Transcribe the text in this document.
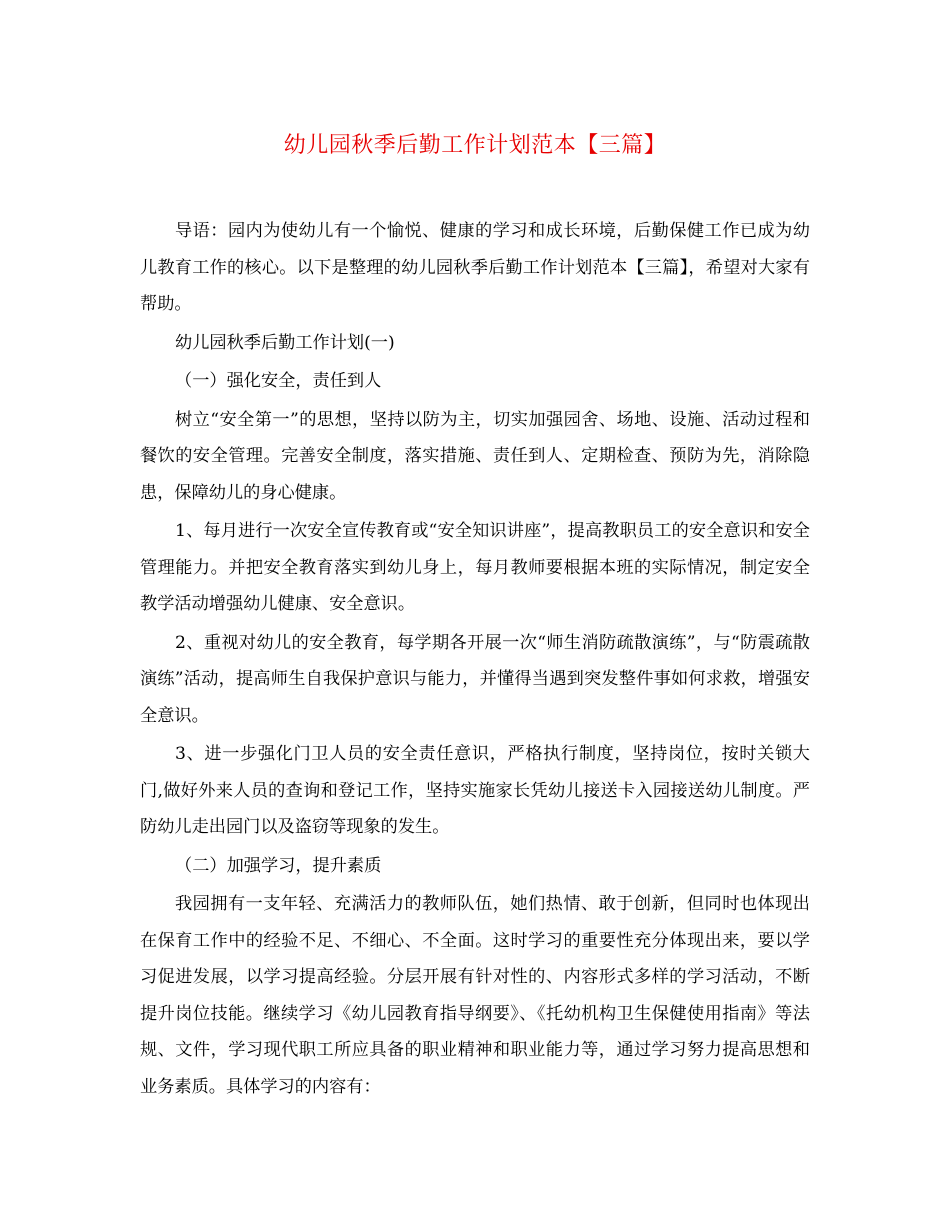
幼儿园秋季后勤工作计划范本【三篇】

导语：园内为使幼儿有一个愉悦、健康的学习和成长环境，后勤保健工作已成为幼儿教育工作的核心。以下是整理的幼儿园秋季后勤工作计划范本【三篇】，希望对大家有帮助。

幼儿园秋季后勤工作计划(一)

（一）强化安全，责任到人

树立“安全第一”的思想，坚持以防为主，切实加强园舍、场地、设施、活动过程和餐饮的安全管理。完善安全制度，落实措施、责任到人、定期检查、预防为先，消除隐患，保障幼儿的身心健康。

1、每月进行一次安全宣传教育或“安全知识讲座”，提高教职员工的安全意识和安全管理能力。并把安全教育落实到幼儿身上，每月教师要根据本班的实际情况，制定安全教学活动增强幼儿健康、安全意识。

2、重视对幼儿的安全教育，每学期各开展一次“师生消防疏散演练”，与“防震疏散演练”活动，提高师生自我保护意识与能力，并懂得当遇到突发整件事如何求救，增强安全意识。

3、进一步强化门卫人员的安全责任意识，严格执行制度，坚持岗位，按时关锁大门,做好外来人员的查询和登记工作，坚持实施家长凭幼儿接送卡入园接送幼儿制度。严防幼儿走出园门以及盗窃等现象的发生。

（二）加强学习，提升素质

我园拥有一支年轻、充满活力的教师队伍，她们热情、敢于创新，但同时也体现出在保育工作中的经验不足、不细心、不全面。这时学习的重要性充分体现出来，要以学习促进发展，以学习提高经验。分层开展有针对性的、内容形式多样的学习活动，不断提升岗位技能。继续学习《幼儿园教育指导纲要》、《托幼机构卫生保健使用指南》等法规、文件，学习现代职工所应具备的职业精神和职业能力等，通过学习努力提高思想和业务素质。具体学习的内容有：
